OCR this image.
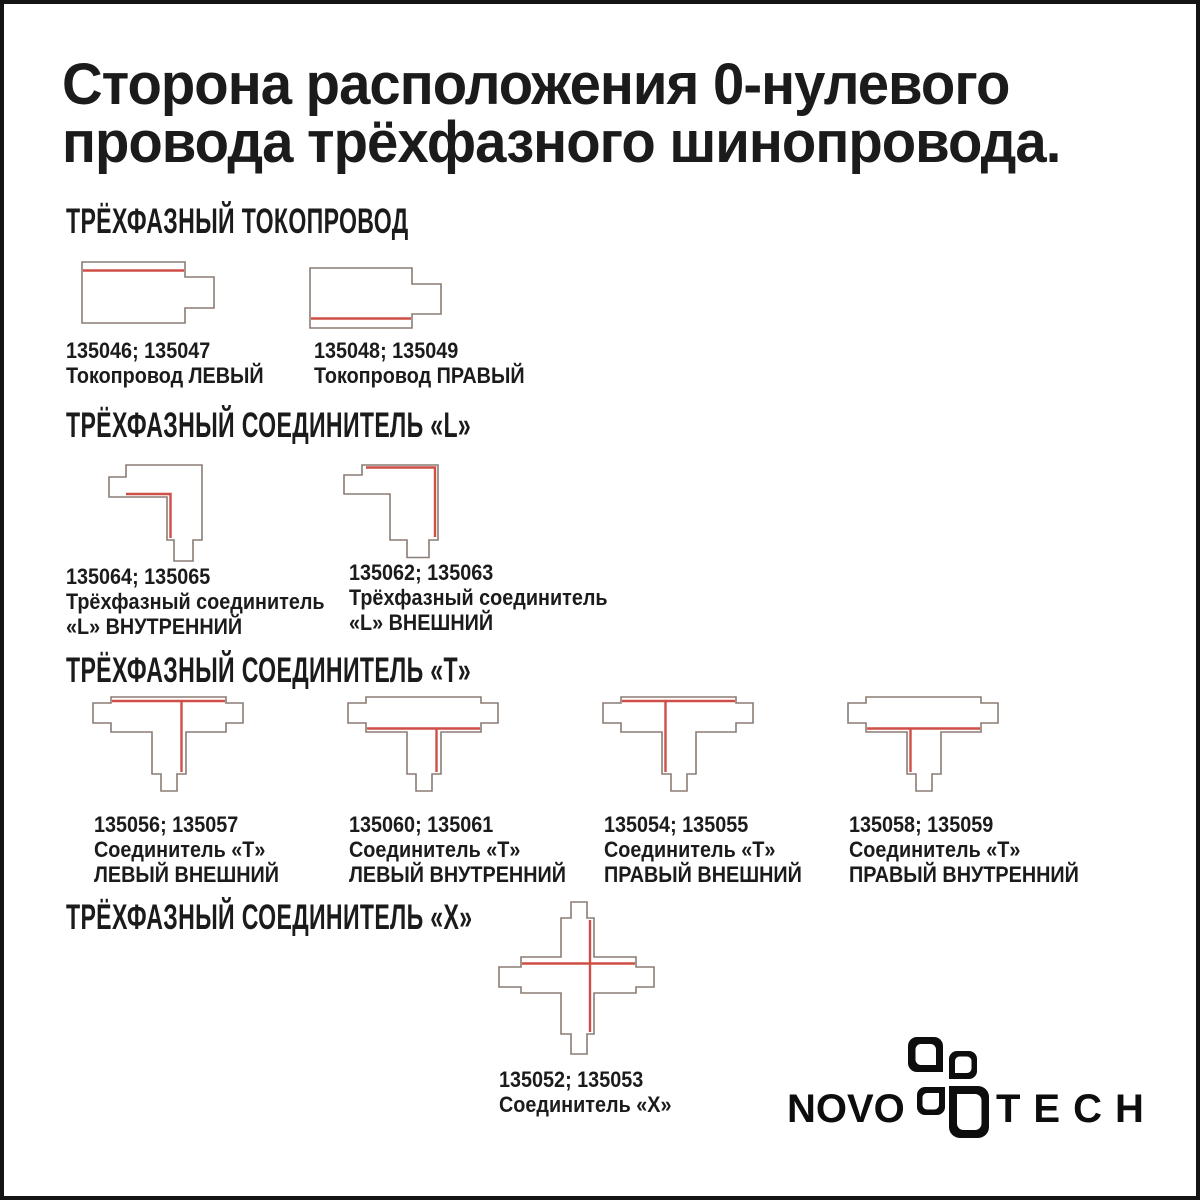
Сторона расположения 0-нулевого
провода трёхфазного шинопровода.
ТРЁХФАЗНЫЙ ТОКОПРОВОД
ТРЁХФАЗНЫЙ СОЕДИНИТЕЛЬ «L»
ТРЁХФАЗНЫЙ СОЕДИНИТЕЛЬ «Т»
ТРЁХФАЗНЫЙ СОЕДИНИТЕЛЬ «X»
135046; 135047
Токопровод ЛЕВЫЙ
135048; 135049
Токопровод ПРАВЫЙ
135064; 135065
Трёхфазный соединитель
«L» ВНУТРЕННИЙ
135062; 135063
Трёхфазный соединитель
«L» ВНЕШНИЙ
135056; 135057
Соединитель «Т»
ЛЕВЫЙ ВНЕШНИЙ
135060; 135061
Соединитель «Т»
ЛЕВЫЙ ВНУТРЕННИЙ
135054; 135055
Соединитель «Т»
ПРАВЫЙ ВНЕШНИЙ
135058; 135059
Соединитель «Т»
ПРАВЫЙ ВНУТРЕННИЙ
135052; 135053
Соединитель «X»	NOVO TECH
